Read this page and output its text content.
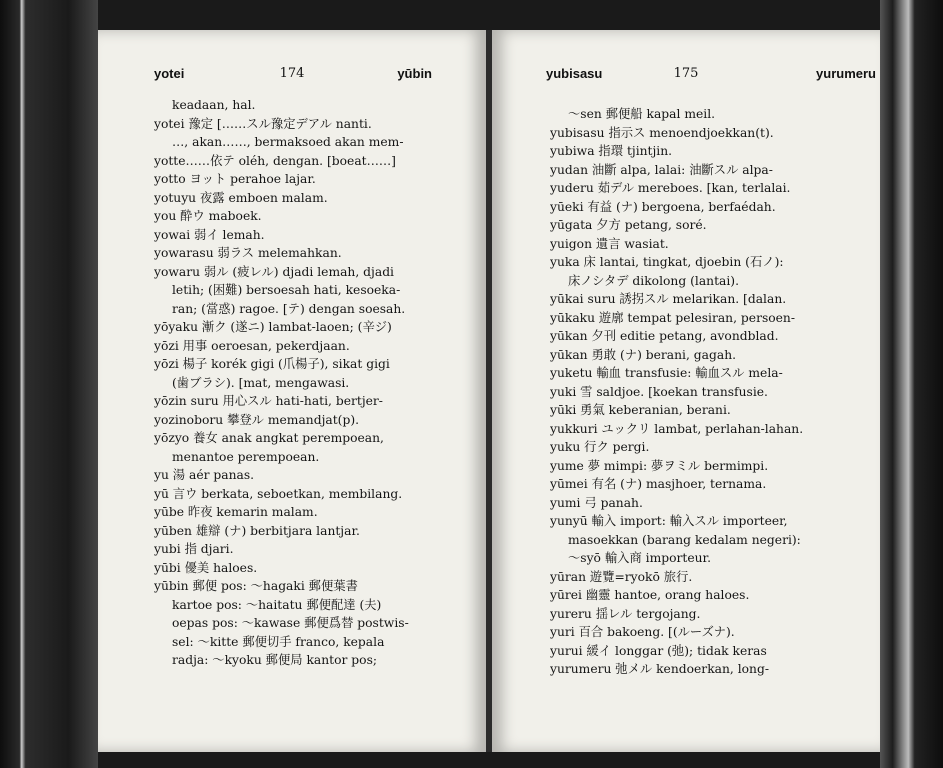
yotei	174	yūbin
keadaan, hal.
yotei 豫定 [……スル豫定デアル nanti.
…, akan……, bermaksoed akan mem-
yotte……依テ oléh, dengan. [boeat……]
yotto ヨット perahoe lajar.
yotuyu 夜露 emboen malam.
you 酔ウ maboek.
yowai 弱イ lemah.
yowarasu 弱ラス melemahkan.
yowaru 弱ル (疲レル) djadi lemah, djadi
letih; (困難) bersoesah hati, kesoeka-
ran; (當惑) ragoe. [テ) dengan soesah.
yōyaku 漸ク (遂ニ) lambat-laoen; (辛ジ)
yōzi 用事 oeroesan, pekerdjaan.
yōzi 楊子 korék gigi (爪楊子), sikat gigi
(歯ブラシ). [mat, mengawasi.
yōzin suru 用心スル hati-hati, bertjer-
yozinoboru 攀登ル memandjat(p).
yōzyo 養女 anak angkat perempoean,
menantoe perempoean.
yu 湯 aér panas.
yū 言ウ berkata, seboetkan, membilang.
yūbe 昨夜 kemarin malam.
yūben 雄辯 (ナ) berbitjara lantjar.
yubi 指 djari.
yūbi 優美 haloes.
yūbin 郵便 pos: ～hagaki 郵便葉書
kartoe pos: ～haitatu 郵便配達 (夫)
oepas pos: ～kawase 郵便爲替 postwis-
sel: ～kitte 郵便切手 franco, kepala
radja: ～kyoku 郵便局 kantor pos;
yubisasu	175	yurumeru
～sen 郵便船 kapal meil.
yubisasu 指示ス menoendjoekkan(t).
yubiwa 指環 tjintjin.
yudan 油斷 alpa, lalai: 油斷スル alpa-
yuderu 茹デル mereboes. [kan, terlalai.
yūeki 有益 (ナ) bergoena, berfaédah.
yūgata 夕方 petang, soré.
yuigon 遺言 wasiat.
yuka 床 lantai, tingkat, djoebin (石ノ):
床ノシタデ dikolong (lantai).
yūkai suru 誘拐スル melarikan. [dalan.
yūkaku 遊廓 tempat pelesiran, persoen-
yūkan 夕刊 editie petang, avondblad.
yūkan 勇敢 (ナ) berani, gagah.
yuketu 輸血 transfusie: 輸血スル mela-
yuki 雪 saldjoe. [koekan transfusie.
yūki 勇氣 keberanian, berani.
yukkuri ユックリ lambat, perlahan-lahan.
yuku 行ク pergi.
yume 夢 mimpi: 夢ヲミル bermimpi.
yūmei 有名 (ナ) masjhoer, ternama.
yumi 弓 panah.
yunyū 輸入 import: 輸入スル importeer,
masoekkan (barang kedalam negeri):
～syō 輸入商 importeur.
yūran 遊覽=ryokō 旅行.
yūrei 幽靈 hantoe, orang haloes.
yureru 揺レル tergojang.
yuri 百合 bakoeng. [(ルーズナ).
yurui 緩イ longgar (弛); tidak keras
yurumeru 弛メル kendoerkan, long-
